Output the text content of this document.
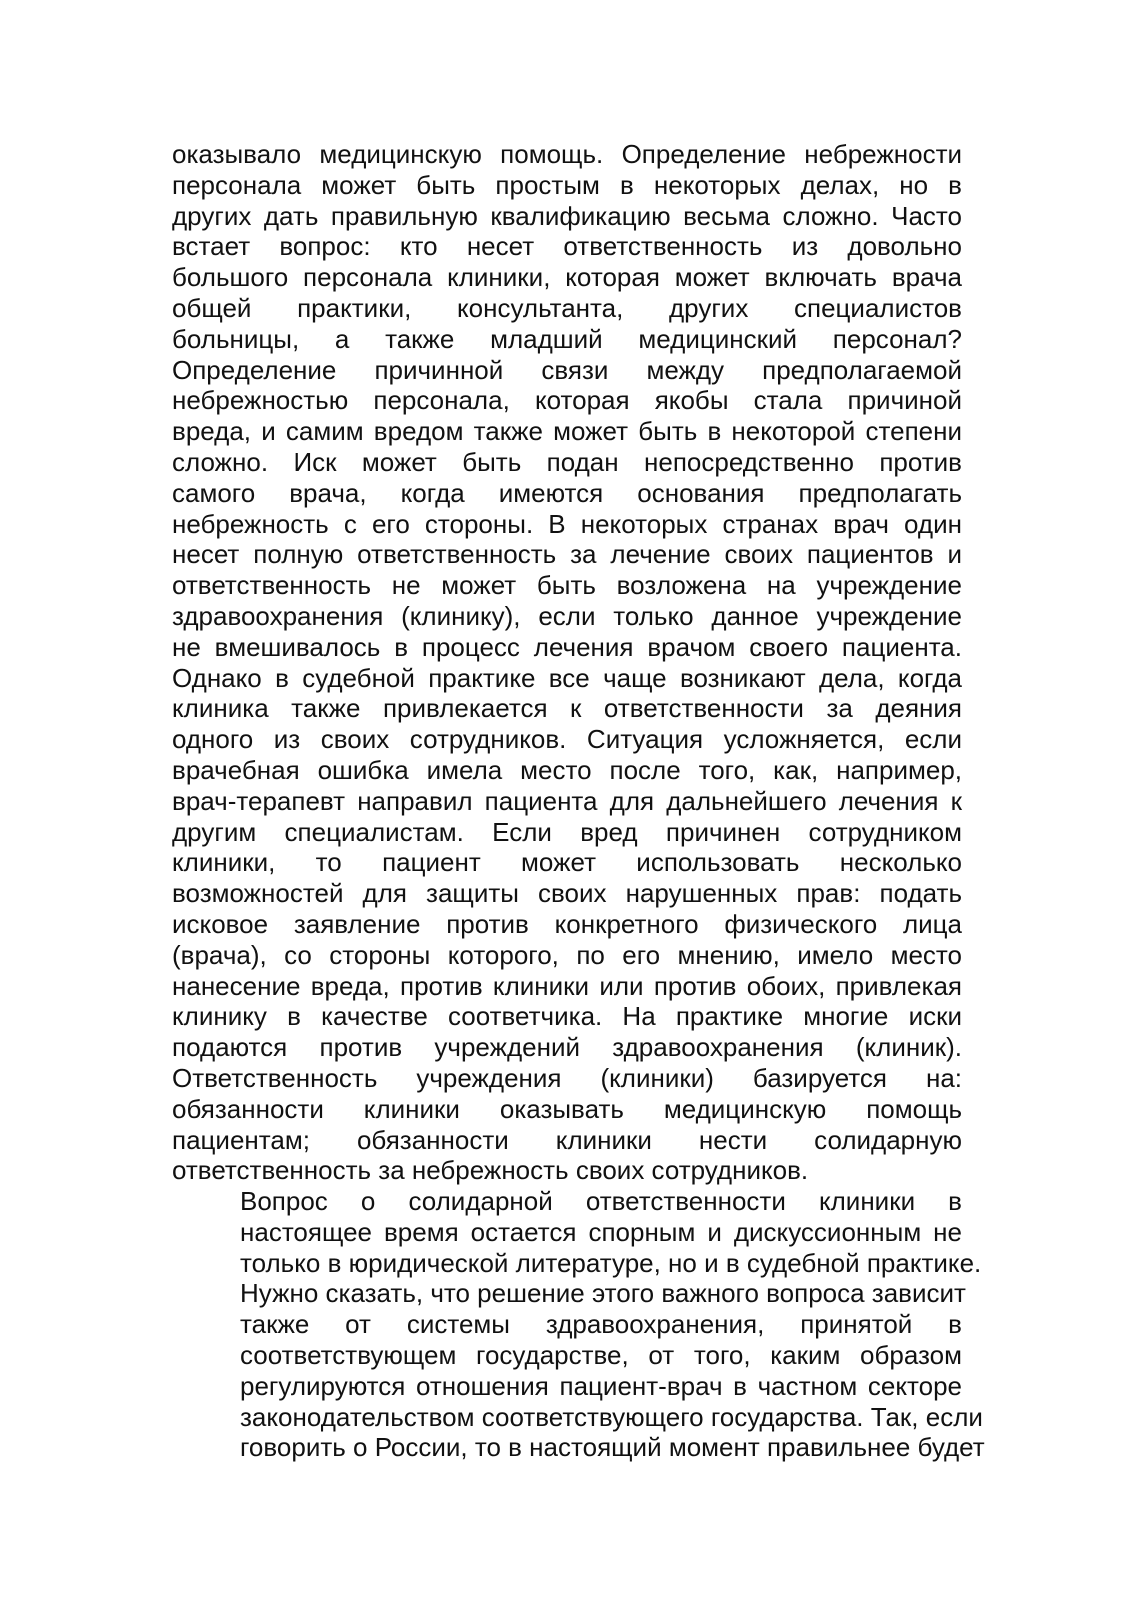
оказывало медицинскую помощь. Определение небрежности
персонала может быть простым в некоторых делах, но в
других дать правильную квалификацию весьма сложно. Часто
встает вопрос: кто несет ответственность из довольно
большого персонала клиники, которая может включать врача
общей практики, консультанта, других специалистов
больницы, а также младший медицинский персонал?
Определение причинной связи между предполагаемой
небрежностью персонала, которая якобы стала причиной
вреда, и самим вредом также может быть в некоторой степени
сложно. Иск может быть подан непосредственно против
самого врача, когда имеются основания предполагать
небрежность с его стороны. В некоторых странах врач один
несет полную ответственность за лечение своих пациентов и
ответственность не может быть возложена на учреждение
здравоохранения (клинику), если только данное учреждение
не вмешивалось в процесс лечения врачом своего пациента.
Однако в судебной практике все чаще возникают дела, когда
клиника также привлекается к ответственности за деяния
одного из своих сотрудников. Ситуация усложняется, если
врачебная ошибка имела место после того, как, например,
врач-терапевт направил пациента для дальнейшего лечения к
другим специалистам. Если вред причинен сотрудником
клиники, то пациент может использовать несколько
возможностей для защиты своих нарушенных прав: подать
исковое заявление против конкретного физического лица
(врача), со стороны которого, по его мнению, имело место
нанесение вреда, против клиники или против обоих, привлекая
клинику в качестве соответчика. На практике многие иски
подаются против учреждений здравоохранения (клиник).
Ответственность учреждения (клиники) базируется на:
обязанности клиники оказывать медицинскую помощь
пациентам; обязанности клиники нести солидарную
ответственность за небрежность своих сотрудников.
Вопрос о солидарной ответственности клиники в
настоящее время остается спорным и дискуссионным не
только в юридической литературе, но и в судебной практике.
Нужно сказать, что решение этого важного вопроса зависит
также от системы здравоохранения, принятой в
соответствующем государстве, от того, каким образом
регулируются отношения пациент-врач в частном секторе
законодательством соответствующего государства. Так, если
говорить о России, то в настоящий момент правильнее будет
